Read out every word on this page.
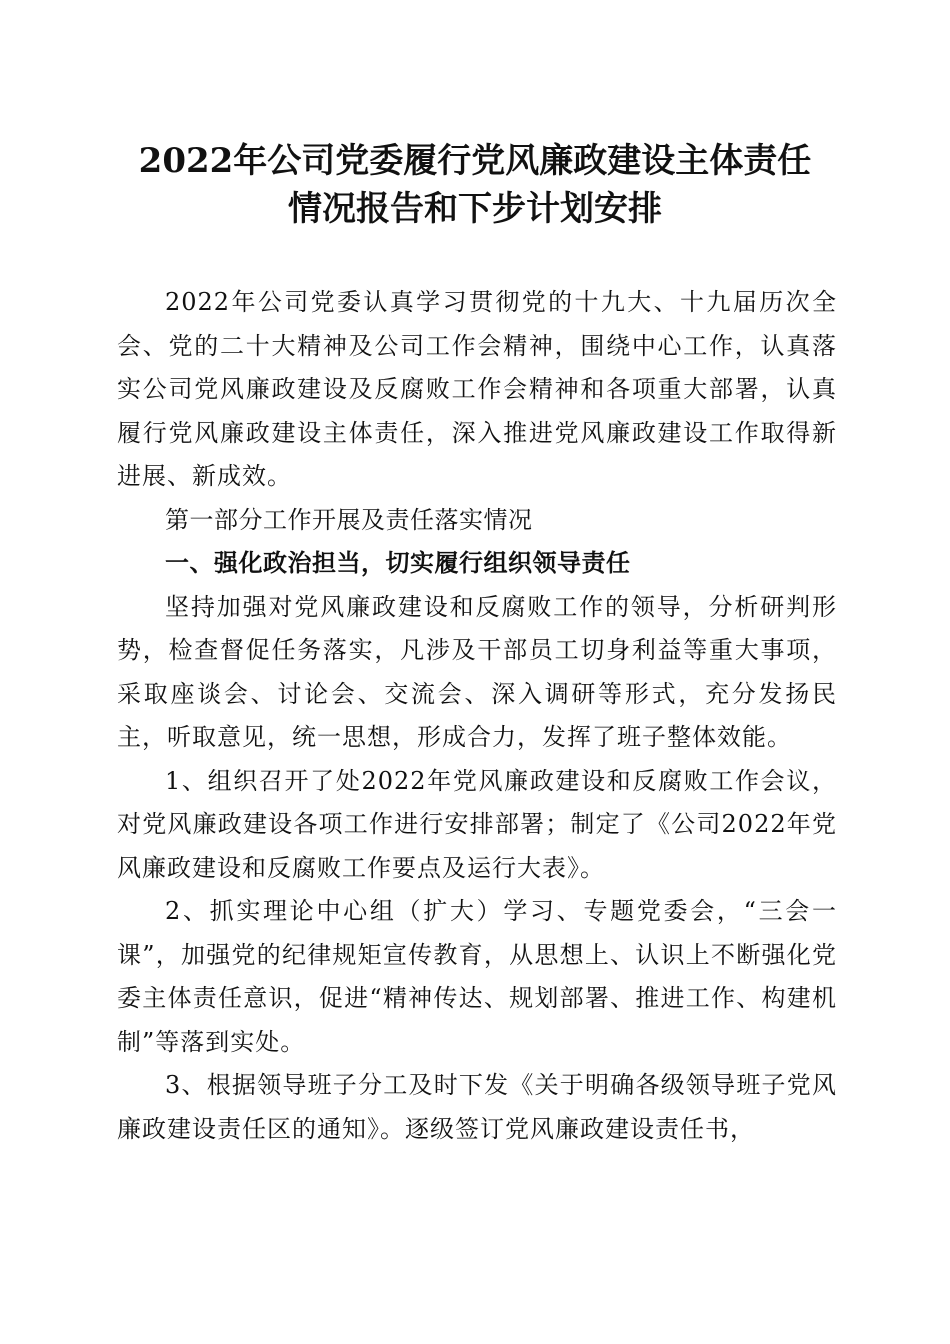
2022年公司党委履行党风廉政建设主体责任
情况报告和下步计划安排

2022年公司党委认真学习贯彻党的十九大、十九届历次全会、党的二十大精神及公司工作会精神，围绕中心工作，认真落实公司党风廉政建设及反腐败工作会精神和各项重大部署，认真履行党风廉政建设主体责任，深入推进党风廉政建设工作取得新进展、新成效。

第一部分工作开展及责任落实情况

一、强化政治担当，切实履行组织领导责任

坚持加强对党风廉政建设和反腐败工作的领导，分析研判形势，检查督促任务落实，凡涉及干部员工切身利益等重大事项，采取座谈会、讨论会、交流会、深入调研等形式，充分发扬民主，听取意见，统一思想，形成合力，发挥了班子整体效能。

1、组织召开了处2022年党风廉政建设和反腐败工作会议，对党风廉政建设各项工作进行安排部署；制定了《公司2022年党风廉政建设和反腐败工作要点及运行大表》。

2、抓实理论中心组（扩大）学习、专题党委会，“三会一课”，加强党的纪律规矩宣传教育，从思想上、认识上不断强化党委主体责任意识，促进“精神传达、规划部署、推进工作、构建机制”等落到实处。

3、根据领导班子分工及时下发《关于明确各级领导班子党风廉政建设责任区的通知》。逐级签订党风廉政建设责任书，
